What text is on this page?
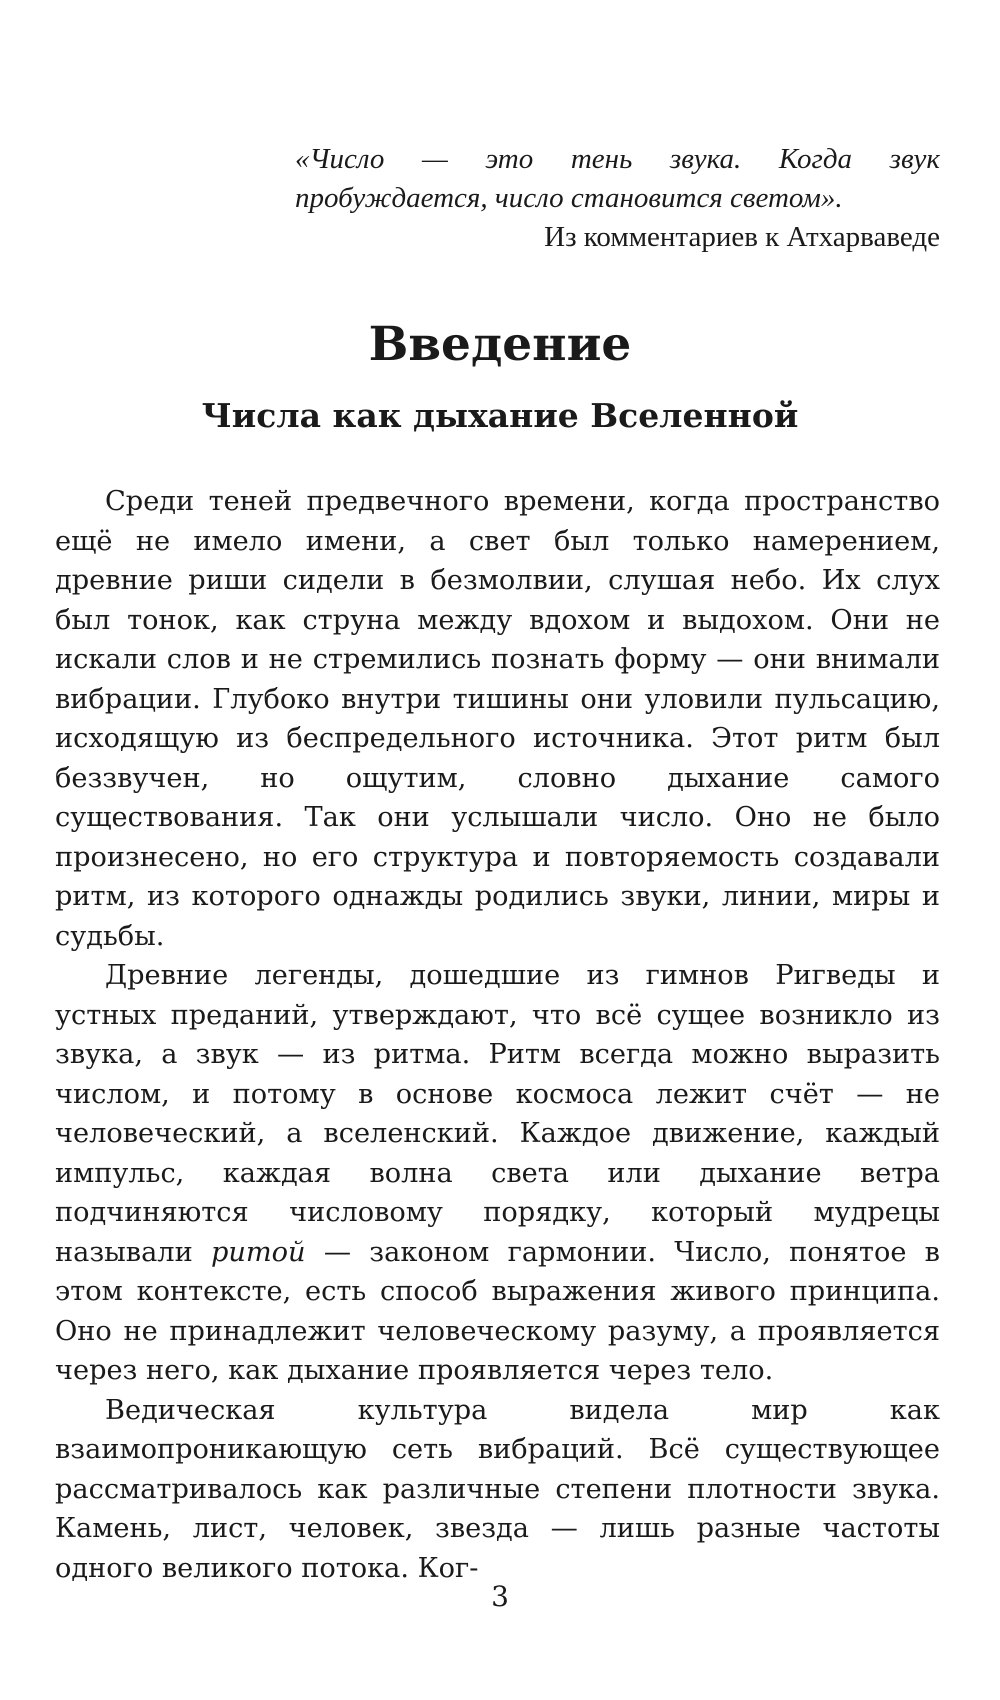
«Число — это тень звука. Когда звук пробуждается, число становится светом».
Из комментариев к Атхарваведе
Введение
Числа как дыхание Вселенной

Среди теней предвечного времени, когда пространство ещё не имело имени, а свет был только намерением, древние риши сидели в безмолвии, слушая небо. Их слух был тонок, как струна между вдохом и выдохом. Они не искали слов и не стремились познать форму — они внимали вибрации. Глубоко внутри тишины они уловили пульсацию, исходящую из беспредельного источника. Этот ритм был беззвучен, но ощутим, словно дыхание самого существования. Так они услышали число. Оно не было произнесено, но его структура и повторяемость создавали ритм, из которого однажды родились звуки, линии, миры и судьбы.

Древние легенды, дошедшие из гимнов Ригведы и устных преданий, утверждают, что всё сущее возникло из звука, а звук — из ритма. Ритм всегда можно выразить числом, и потому в основе космоса лежит счёт — не человеческий, а вселенский. Каждое движение, каждый импульс, каждая волна света или дыхание ветра подчиняются числовому порядку, который мудрецы называли ритой — законом гармонии. Число, понятое в этом контексте, есть способ выражения живого принципа. Оно не принадлежит человеческому разуму, а проявляется через него, как дыхание проявляется через тело.

Ведическая культура видела мир как взаимопроникающую сеть вибраций. Всё существующее рассматривалось как различные степени плотности звука. Камень, лист, человек, звезда — лишь разные частоты одного великого потока. Ког-

3
